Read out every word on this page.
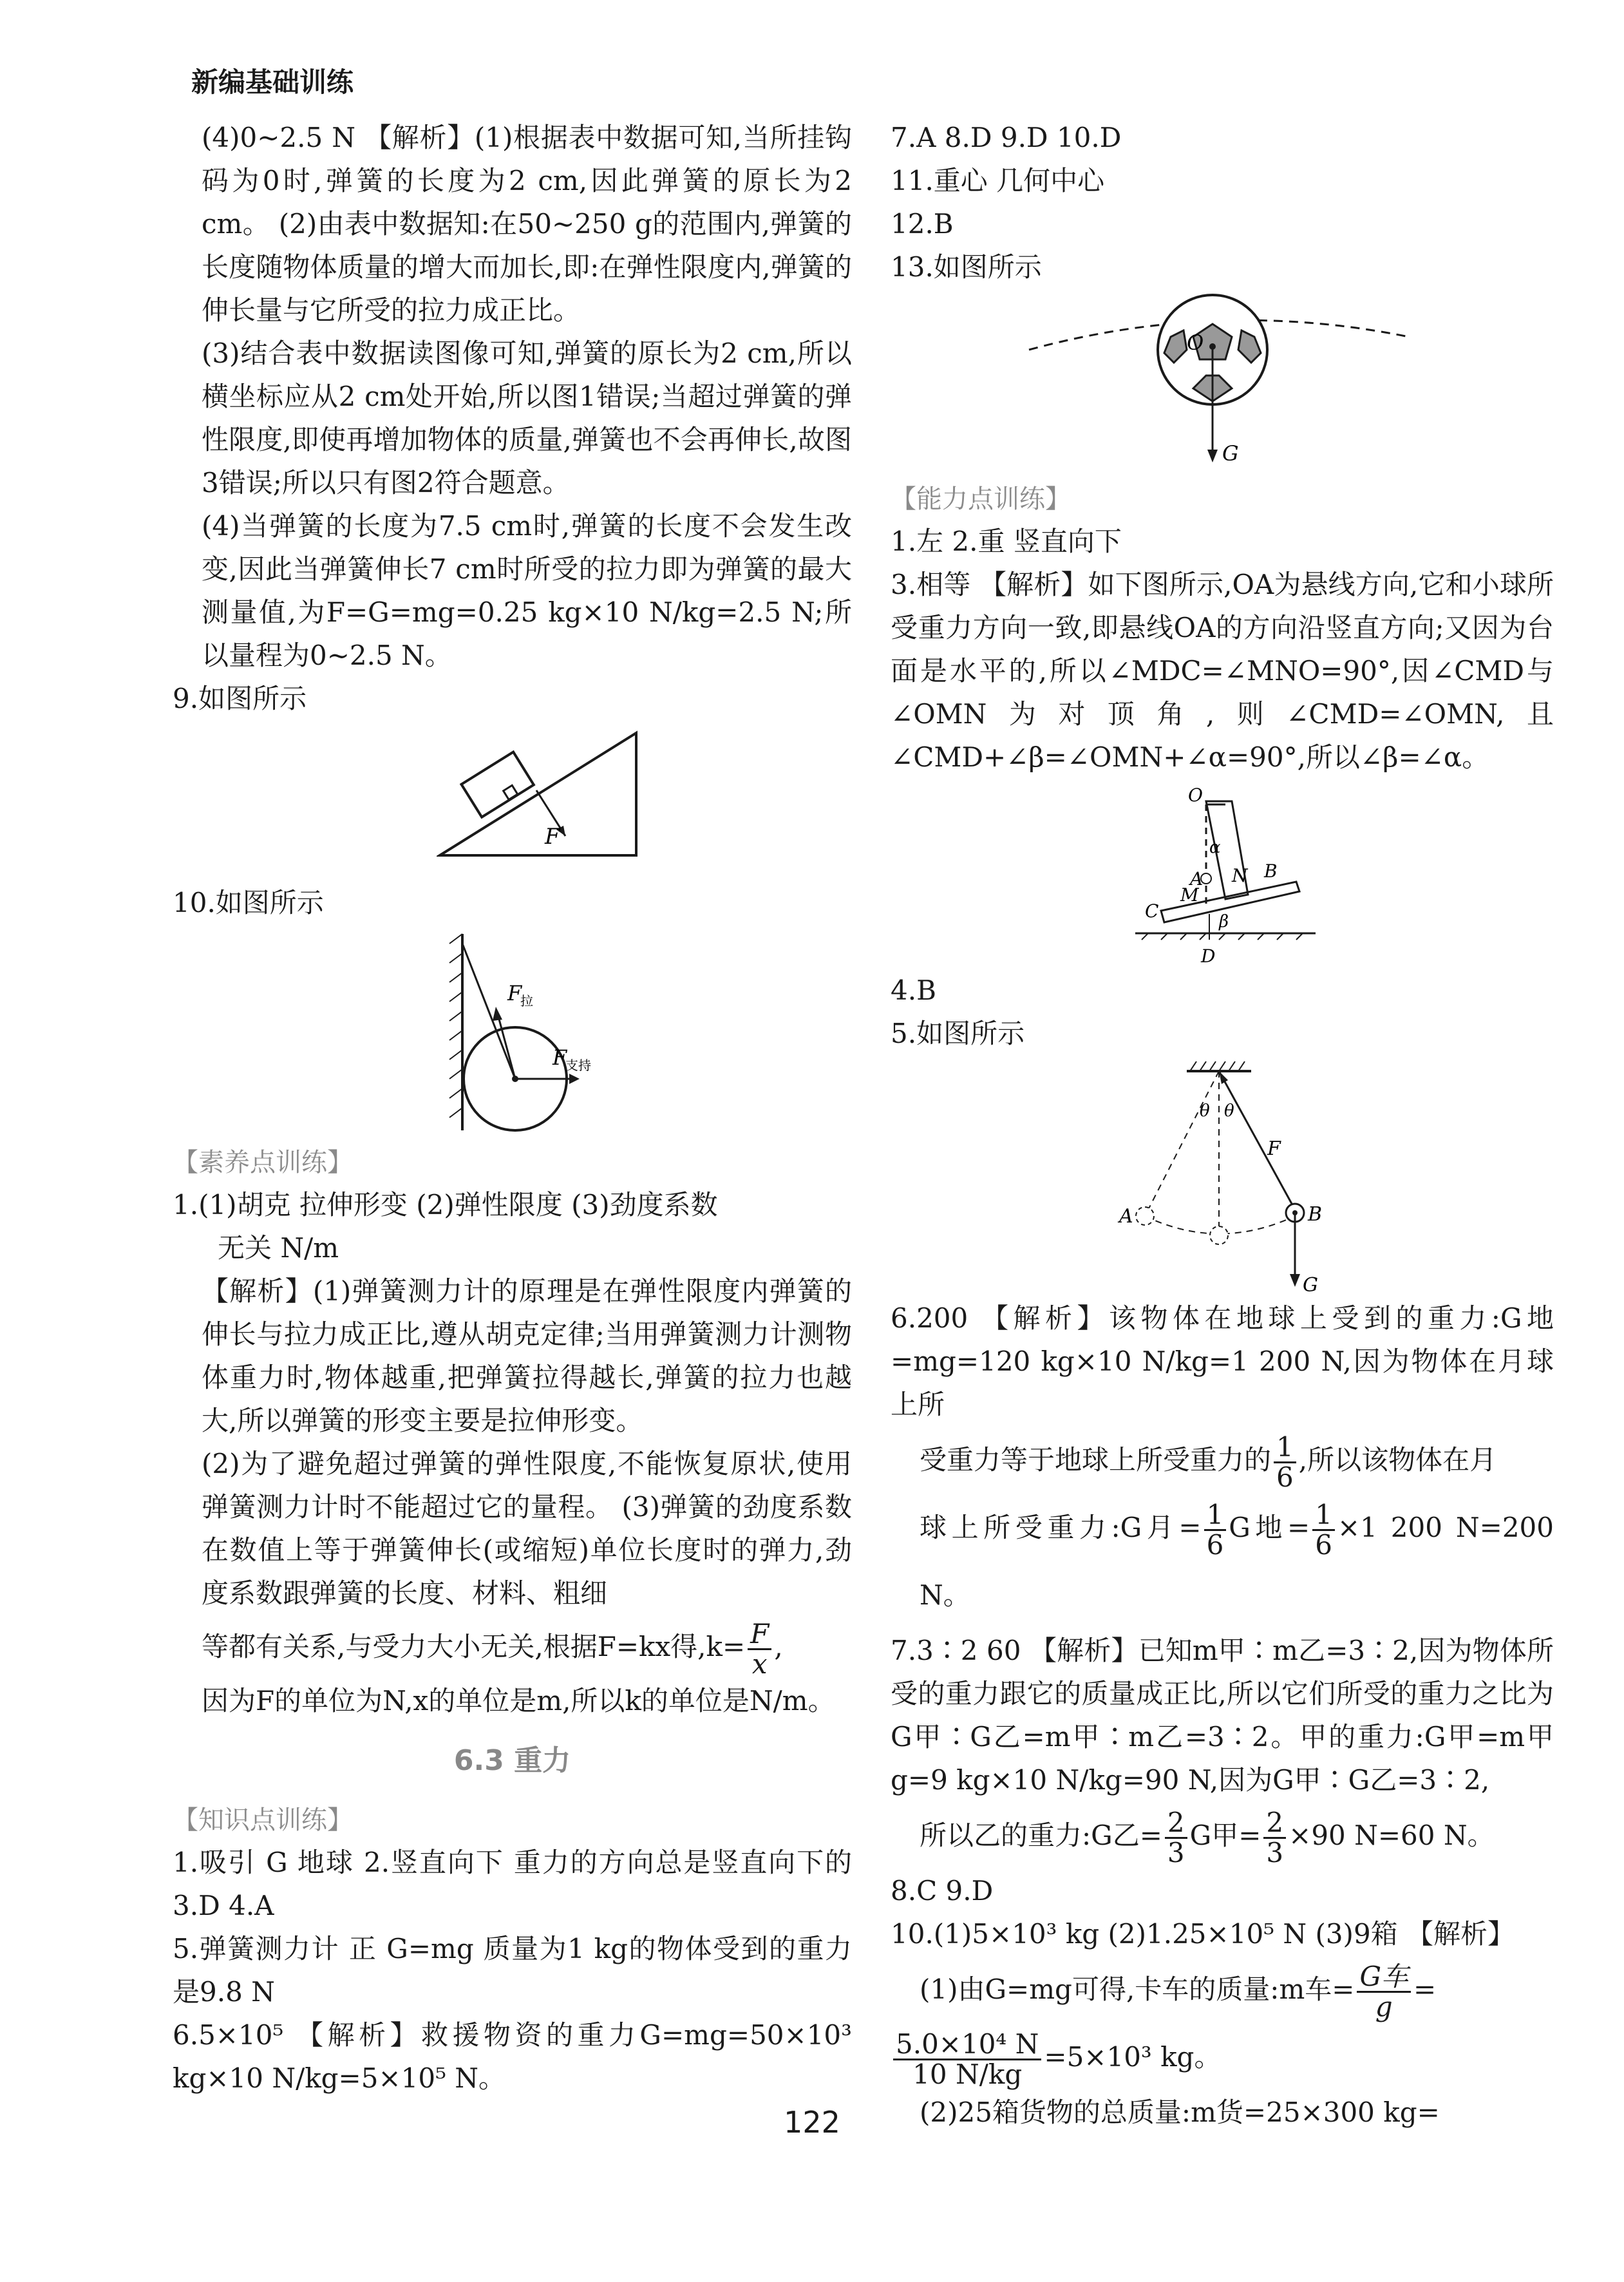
新编基础训练

(4)0~2.5 N 【解析】(1)根据表中数据可知,当所挂钩码为0时,弹簧的长度为2 cm,因此弹簧的原长为2 cm。 (2)由表中数据知:在50~250 g的范围内,弹簧的长度随物体质量的增大而加长,即:在弹性限度内,弹簧的伸长量与它所受的拉力成正比。

(3)结合表中数据读图像可知,弹簧的原长为2 cm,所以横坐标应从2 cm处开始,所以图1错误;当超过弹簧的弹性限度,即使再增加物体的质量,弹簧也不会再伸长,故图3错误;所以只有图2符合题意。

(4)当弹簧的长度为7.5 cm时,弹簧的长度不会发生改变,因此当弹簧伸长7 cm时所受的拉力即为弹簧的最大测量值,为F=G=mg=0.25 kg×10 N/kg=2.5 N;所以量程为0~2.5 N。

9.如图所示

F

10.如图所示

F
拉
F
支持

【素养点训练】

1.(1)胡克 拉伸形变 (2)弹性限度 (3)劲度系数

无关 N/m

【解析】(1)弹簧测力计的原理是在弹性限度内弹簧的伸长与拉力成正比,遵从胡克定律;当用弹簧测力计测物体重力时,物体越重,把弹簧拉得越长,弹簧的拉力也越大,所以弹簧的形变主要是拉伸形变。

(2)为了避免超过弹簧的弹性限度,不能恢复原状,使用弹簧测力计时不能超过它的量程。 (3)弹簧的劲度系数在数值上等于弹簧伸长(或缩短)单位长度时的弹力,劲度系数跟弹簧的长度、材料、粗细

等都有关系,与受力大小无关,根据F=kx得$,k= \frac{F}{x}$ ,

因为F的单位为N,x的单位是m,所以k的单位是N/m。

6.3 重力

【知识点训练】

1.吸引 G 地球 2.竖直向下 重力的方向总是竖直向下的 3.D 4.A

5.弹簧测力计 正 G=mg 质量为1 kg的物体受到的重力是9.8 N

6.5×10⁵ 【解析】救援物资的重力G=mg=50×10³ kg×10 N/kg=5×10⁵ N。

7.A 8.D 9.D 10.D

11.重心 几何中心

12.B

13.如图所示

O
G

【能力点训练】

1.左 2.重 竖直向下

3.相等 【解析】如下图所示,OA为悬线方向,它和小球所受重力方向一致,即悬线OA的方向沿竖直方向;又因为台面是水平的,所以∠MDC=∠MNO=90°,因∠CMD与∠OMN为对顶角,则∠CMD=∠OMN,且∠CMD+∠β=∠OMN+∠α=90°,所以∠β=∠α。

O
A
M
N B
C
D
α
β

4.B

5.如图所示

θ θ
F
A	B
G

6.200 【解析】该物体在地球上受到的重力:G地=mg=120 kg×10 N/kg=1 200 N,因为物体在月球上所

受重力等于地球上所受重力的 $\frac{1}{6}$ ,所以该物体在月

球上所受重力:G月= $\frac{1}{6}$ G地= $\frac{1}{6} \times 1$ 200 N=200 N。

7.3∶2 60 【解析】已知m甲∶m乙=3∶2,因为物体所受的重力跟它的质量成正比,所以它们所受的重力之比为G甲∶G乙=m甲∶m乙=3∶2。甲的重力:G甲=m甲g=9 kg×10 N/kg=90 N,因为G甲∶G乙=3∶2,

所以乙的重力:G乙= $\frac{2}{3}$ G甲= $\frac{2}{3} \times 90$ N=60 N。

8.C 9.D

10.(1)5×10³ kg (2)1.25×10⁵ N (3)9箱 【解析】

(1)由G=mg可得,卡车的质量:m车= $\frac{\text{G车}}{g}$ =

$\frac{\text{5.0×10⁴ N}}{10 N/kg} =5\times 10^3$ kg。

(2)25箱货物的总质量:m货=25×300 kg=

122
